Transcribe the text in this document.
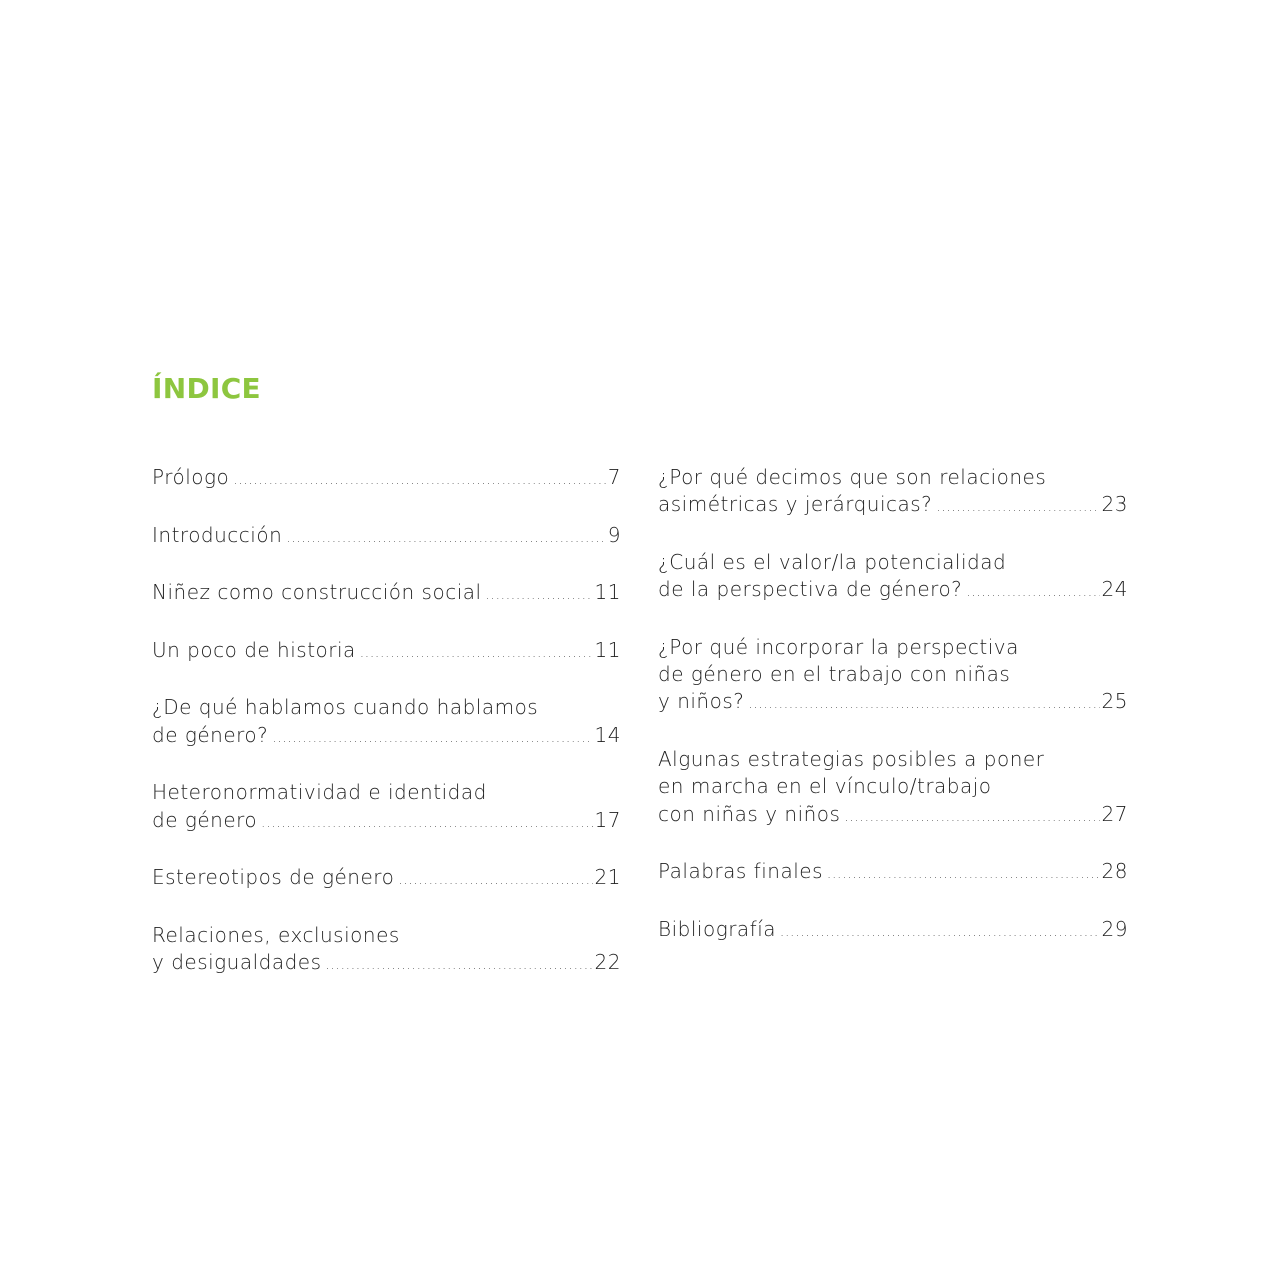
ÍNDICE
Prólogo . . .	7
Introducción . . .	9
Niñez como construcción social . . .	11
Un poco de historia . . .	11
¿De qué hablamos cuando hablamos
de género? . . .	14
Heteronormatividad e identidad
de género . . .	17
Estereotipos de género . . .	21
Relaciones, exclusiones
y desigualdades . . .	22
¿Por qué decimos que son relaciones
asimétricas y jerárquicas? . . .	23
¿Cuál es el valor/la potencialidad
de la perspectiva de género? . . .	24
¿Por qué incorporar la perspectiva
de género en el trabajo con niñas
y niños? . . .	25
Algunas estrategias posibles a poner
en marcha en el vínculo/trabajo
con niñas y niños . . .	27
Palabras finales . . .	28
Bibliografía . . .	29
